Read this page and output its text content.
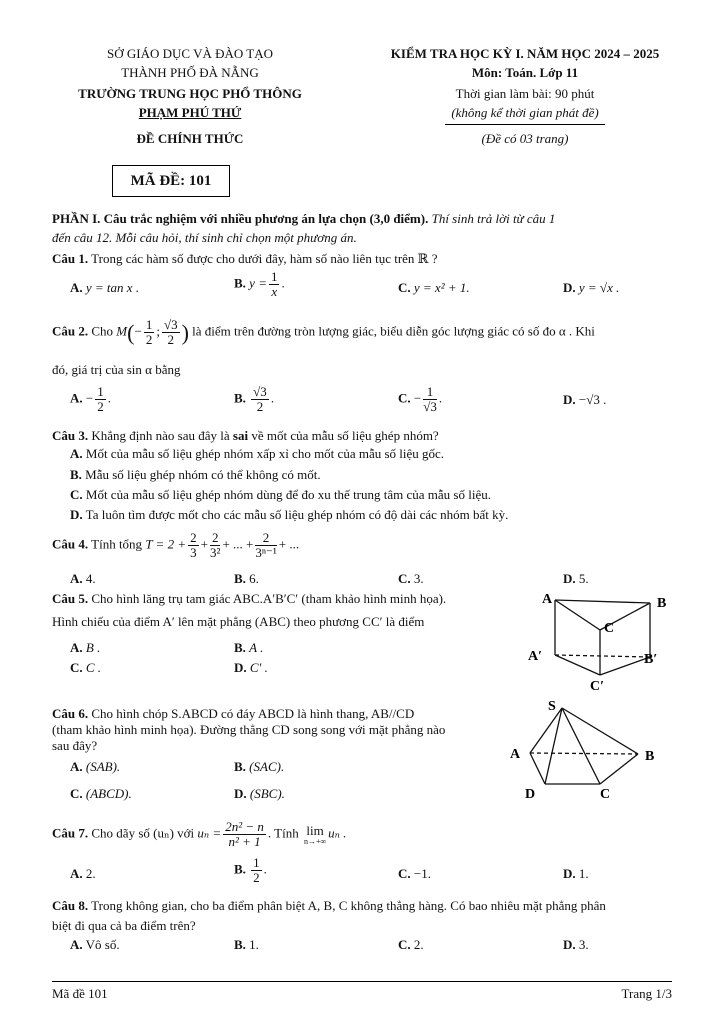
SỞ GIÁO DỤC VÀ ĐÀO TẠO
THÀNH PHỐ ĐÀ NẴNG
TRƯỜNG TRUNG HỌC PHỔ THÔNG
PHẠM PHÚ THỨ
ĐỀ CHÍNH THỨC
KIỂM TRA HỌC KỲ I. NĂM HỌC 2024 – 2025
Môn: Toán. Lớp 11
Thời gian làm bài: 90 phút
(không kể thời gian phát đề)
(Đề có 03 trang)
MÃ ĐỀ: 101
PHẦN I. Câu trắc nghiệm với nhiều phương án lựa chọn (3,0 điểm). Thí sinh trả lời từ câu 1
đến câu 12. Mỗi câu hỏi, thí sinh chỉ chọn một phương án.
Câu 1. Trong các hàm số được cho dưới đây, hàm số nào liên tục trên ℝ ?
A. y = tan x .	B. $y = \frac{1}{x}$ .	C. y = x² + 1.	D. y = √x .
Câu 2. Cho $M(- \frac{1}{2}$ ; $\frac{√3}{2}$ ) là điểm trên đường tròn lượng giác, biểu diễn góc lượng giác có số đo α . Khi
đó, giá trị của sin α bằng
A. − $\frac{1}{2}$ .	B. $\frac{√3}{2}$ .	C. − $\frac{1}{√3}$ .	D. −√3 .
Câu 3. Khẳng định nào sau đây là sai về mốt của mẫu số liệu ghép nhóm?
A. Mốt của mẫu số liệu ghép nhóm xấp xỉ cho mốt của mẫu số liệu gốc.
B. Mẫu số liệu ghép nhóm có thể không có mốt.
C. Mốt của mẫu số liệu ghép nhóm dùng để đo xu thế trung tâm của mẫu số liệu.
D. Ta luôn tìm được mốt cho các mẫu số liệu ghép nhóm có độ dài các nhóm bất kỳ.
Câu 4. Tính tổng $T = 2 + \frac{2}{3} + \frac{2}{\text{3²}}$ + ... + $\frac{2}{\text{3ⁿ⁻¹}}$ + ...
A. 4.	B. 6.	C. 3.	D. 5.
Câu 5. Cho hình lăng trụ tam giác ABC.A′B′C′ (tham khảo hình minh họa).
Hình chiếu của điểm A′ lên mặt phẳng (ABC) theo phương CC′ là điểm
A. B .	B. A .
C. C .	D. C′ .
A	B
C
A′	B′
C′
Câu 6. Cho hình chóp S.ABCD có đáy ABCD là hình thang, AB//CD
(tham khảo hình minh họa). Đường thẳng CD song song với mặt phẳng nào
sau đây?
A. (SAB).	B. (SAC).
C. (ABCD).	D. (SBC).
S
A	B
C
D
Câu 7. Cho dãy số (uₙ) với $u_n = \frac{\text{2n² − n}}{\text{n² + 1}}$ . Tính lim
n→+∞
uₙ .
A. 2.	B. $\frac{1}{2}$ .	C. −1.	D. 1.
Câu 8. Trong không gian, cho ba điểm phân biệt A, B, C không thẳng hàng. Có bao nhiêu mặt phẳng phân
biệt đi qua cả ba điểm trên?
A. Vô số.	B. 1.	C. 2.	D. 3.
Mã đề 101	Trang 1/3
